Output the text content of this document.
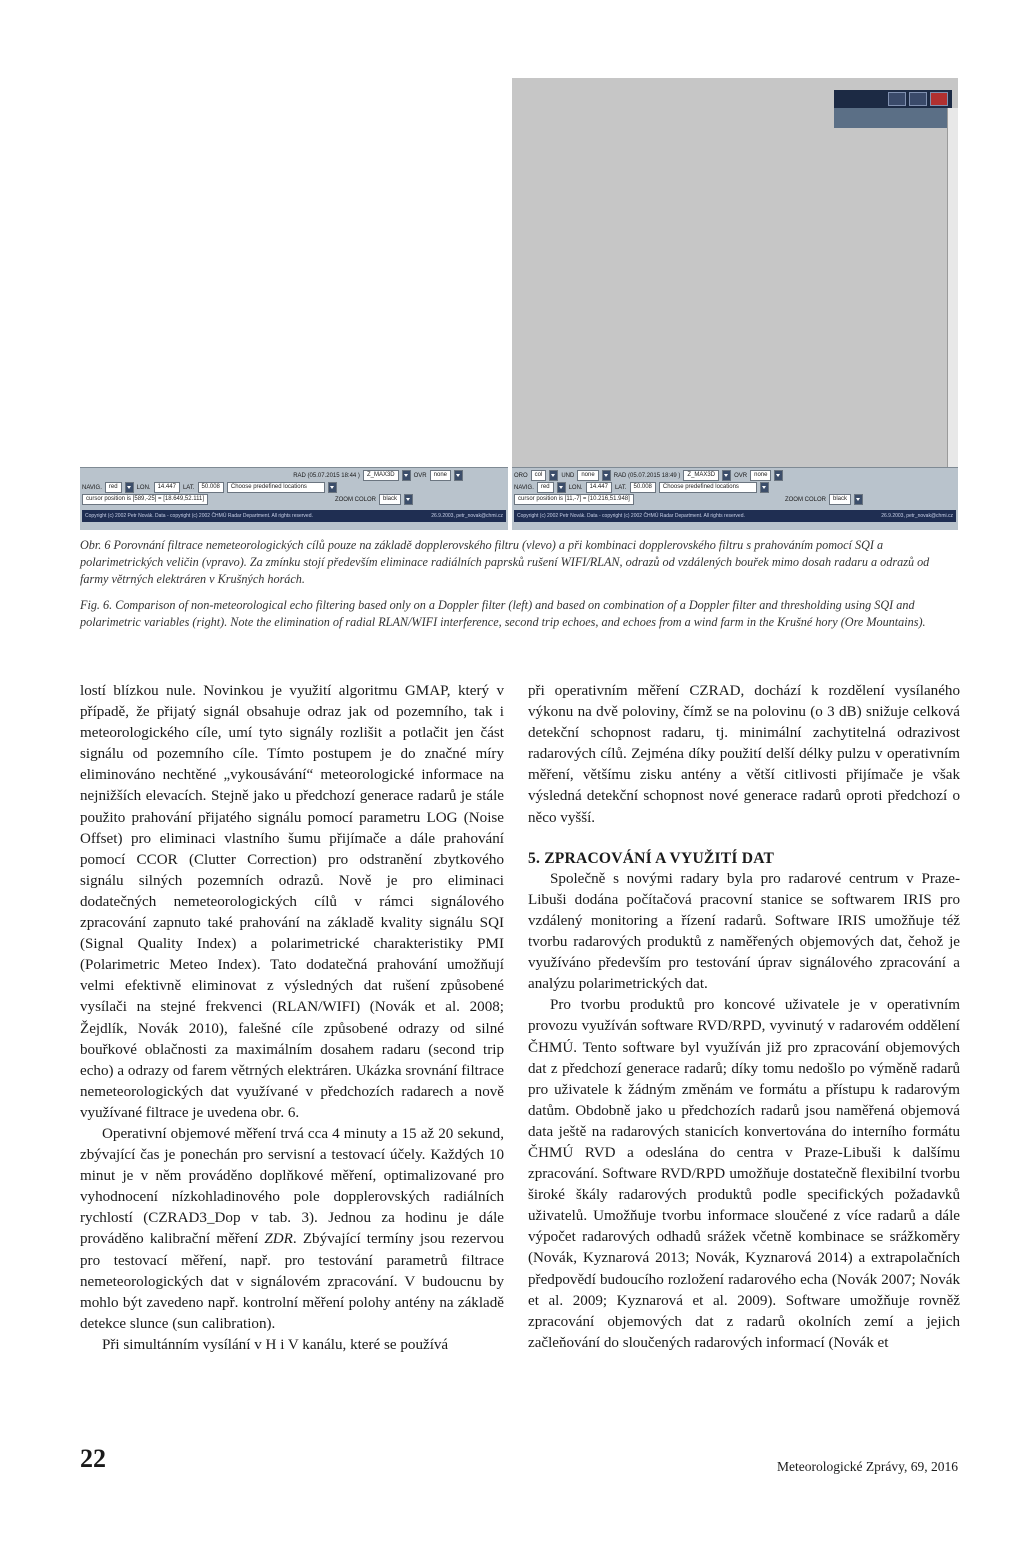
RAD (05.07.2015 18:44 )	Z_MAX3D	OVR	none
NAVIG.	red	LON.	14.447	LAT.	50.008	Choose predefined locations
cursor position is [589,-25] = [18.649,52.111]	ZOOM COLOR	black
Copyright (c) 2002 Petr Novák. Data - copyright (c) 2002 ČHMÚ Radar Department. All rights reserved.	26.9.2003, petr_novak@chmi.cz
ORO	col	UND	none	RAD (05.07.2015 18:49 )	Z_MAX3D	OVR	none
NAVIG.	red	LON.	14.447	LAT.	50.008	Choose predefined locations
cursor position is [11,-7] = [10.216,51.948]	ZOOM COLOR	black
Copyright (c) 2002 Petr Novák. Data - copyright (c) 2002 ČHMÚ Radar Department. All rights reserved.	26.9.2003, petr_novak@chmi.cz

Obr. 6 Porovnání filtrace nemeteorologických cílů pouze na základě dopplerovského filtru (vlevo) a při kombinaci dopplerovského filtru s prahováním pomocí SQI a polarimetrických veličin (vpravo). Za zmínku stojí především eliminace radiálních paprsků rušení WIFI/RLAN, odrazů od vzdálených bouřek mimo dosah radaru a odrazů od farmy větrných elektráren v Krušných horách.

Fig. 6. Comparison of non-meteorological echo filtering based only on a Doppler filter (left) and based on combination of a Doppler filter and thresholding using SQI and polarimetric variables (right). Note the elimination of radial RLAN/WIFI interference, second trip echoes, and echoes from a wind farm in the Krušné hory (Ore Mountains).

lostí blízkou nule. Novinkou je využití algoritmu GMAP, který v případě, že přijatý signál obsahuje odraz jak od pozemního, tak i meteorologického cíle, umí tyto signály rozlišit a potlačit jen část signálu od pozemního cíle. Tímto postupem je do značné míry eliminováno nechtěné „vykousávání“ meteorologické informace na nejnižších elevacích. Stejně jako u předchozí generace radarů je stále použito prahování přijatého signálu pomocí parametru LOG (Noise Offset) pro eliminaci vlastního šumu přijímače a dále prahování pomocí CCOR (Clutter Correction) pro odstranění zbytkového signálu silných pozemních odrazů. Nově je pro eliminaci dodatečných nemeteorologických cílů v rámci signálového zpracování zapnuto také prahování na základě kvality signálu SQI (Signal Quality Index) a polarimetrické charakteristiky PMI (Polarimetric Meteo Index). Tato dodatečná prahování umožňují velmi efektivně eliminovat z výsledných dat rušení způsobené vysílači na stejné frekvenci (RLAN/WIFI) (Novák et al. 2008; Žejdlík, Novák 2010), falešné cíle způsobené odrazy od silné bouřkové oblačnosti za maximálním dosahem radaru (second trip echo) a odrazy od farem větrných elektráren. Ukázka srovnání filtrace nemeteorologických dat využívané v předchozích radarech a nově využívané filtrace je uvedena obr. 6.

Operativní objemové měření trvá cca 4 minuty a 15 až 20 sekund, zbývající čas je ponechán pro servisní a testovací účely. Každých 10 minut je v něm prováděno doplňkové měření, optimalizované pro vyhodnocení nízkohladinového pole dopplerovských radiálních rychlostí (CZRAD3_Dop v tab. 3). Jednou za hodinu je dále prováděno kalibrační měření ZDR. Zbývající termíny jsou rezervou pro testovací měření, např. pro testování parametrů filtrace nemeteorologických dat v signálovém zpracování. V budoucnu by mohlo být zavedeno např. kontrolní měření polohy antény na základě detekce slunce (sun calibration).

Při simultánním vysílání v H i V kanálu, které se používá

při operativním měření CZRAD, dochází k rozdělení vysílaného výkonu na dvě poloviny, čímž se na polovinu (o 3 dB) snižuje celková detekční schopnost radaru, tj. minimální zachytitelná odrazivost radarových cílů. Zejména díky použití delší délky pulzu v operativním měření, většímu zisku antény a větší citlivosti přijímače je však výsledná detekční schopnost nové generace radarů oproti předchozí o něco vyšší.

5. ZPRACOVÁNÍ A VYUŽITÍ DAT

Společně s novými radary byla pro radarové centrum v Praze-Libuši dodána počítačová pracovní stanice se softwarem IRIS pro vzdálený monitoring a řízení radarů. Software IRIS umožňuje též tvorbu radarových produktů z naměřených objemových dat, čehož je využíváno především pro testování úprav signálového zpracování a analýzu polarimetrických dat.

Pro tvorbu produktů pro koncové uživatele je v operativním provozu využíván software RVD/RPD, vyvinutý v radarovém oddělení ČHMÚ. Tento software byl využíván již pro zpracování objemových dat z předchozí generace radarů; díky tomu nedošlo po výměně radarů pro uživatele k žádným změnám ve formátu a přístupu k radarovým datům. Obdobně jako u předchozích radarů jsou naměřená objemová data ještě na radarových stanicích konvertována do interního formátu ČHMÚ RVD a odeslána do centra v Praze-Libuši k dalšímu zpracování. Software RVD/RPD umožňuje dostatečně flexibilní tvorbu široké škály radarových produktů podle specifických požadavků uživatelů. Umožňuje tvorbu informace sloučené z více radarů a dále výpočet radarových odhadů srážek včetně kombinace se srážkoměry (Novák, Kyznarová 2013; Novák, Kyznarová 2014) a extrapolačních předpovědí budoucího rozložení radarového echa (Novák 2007; Novák et al. 2009; Kyznarová et al. 2009). Software umožňuje rovněž zpracování objemových dat z radarů okolních zemí a jejich začleňování do sloučených radarových informací (Novák et

22	Meteorologické Zprávy, 69, 2016
